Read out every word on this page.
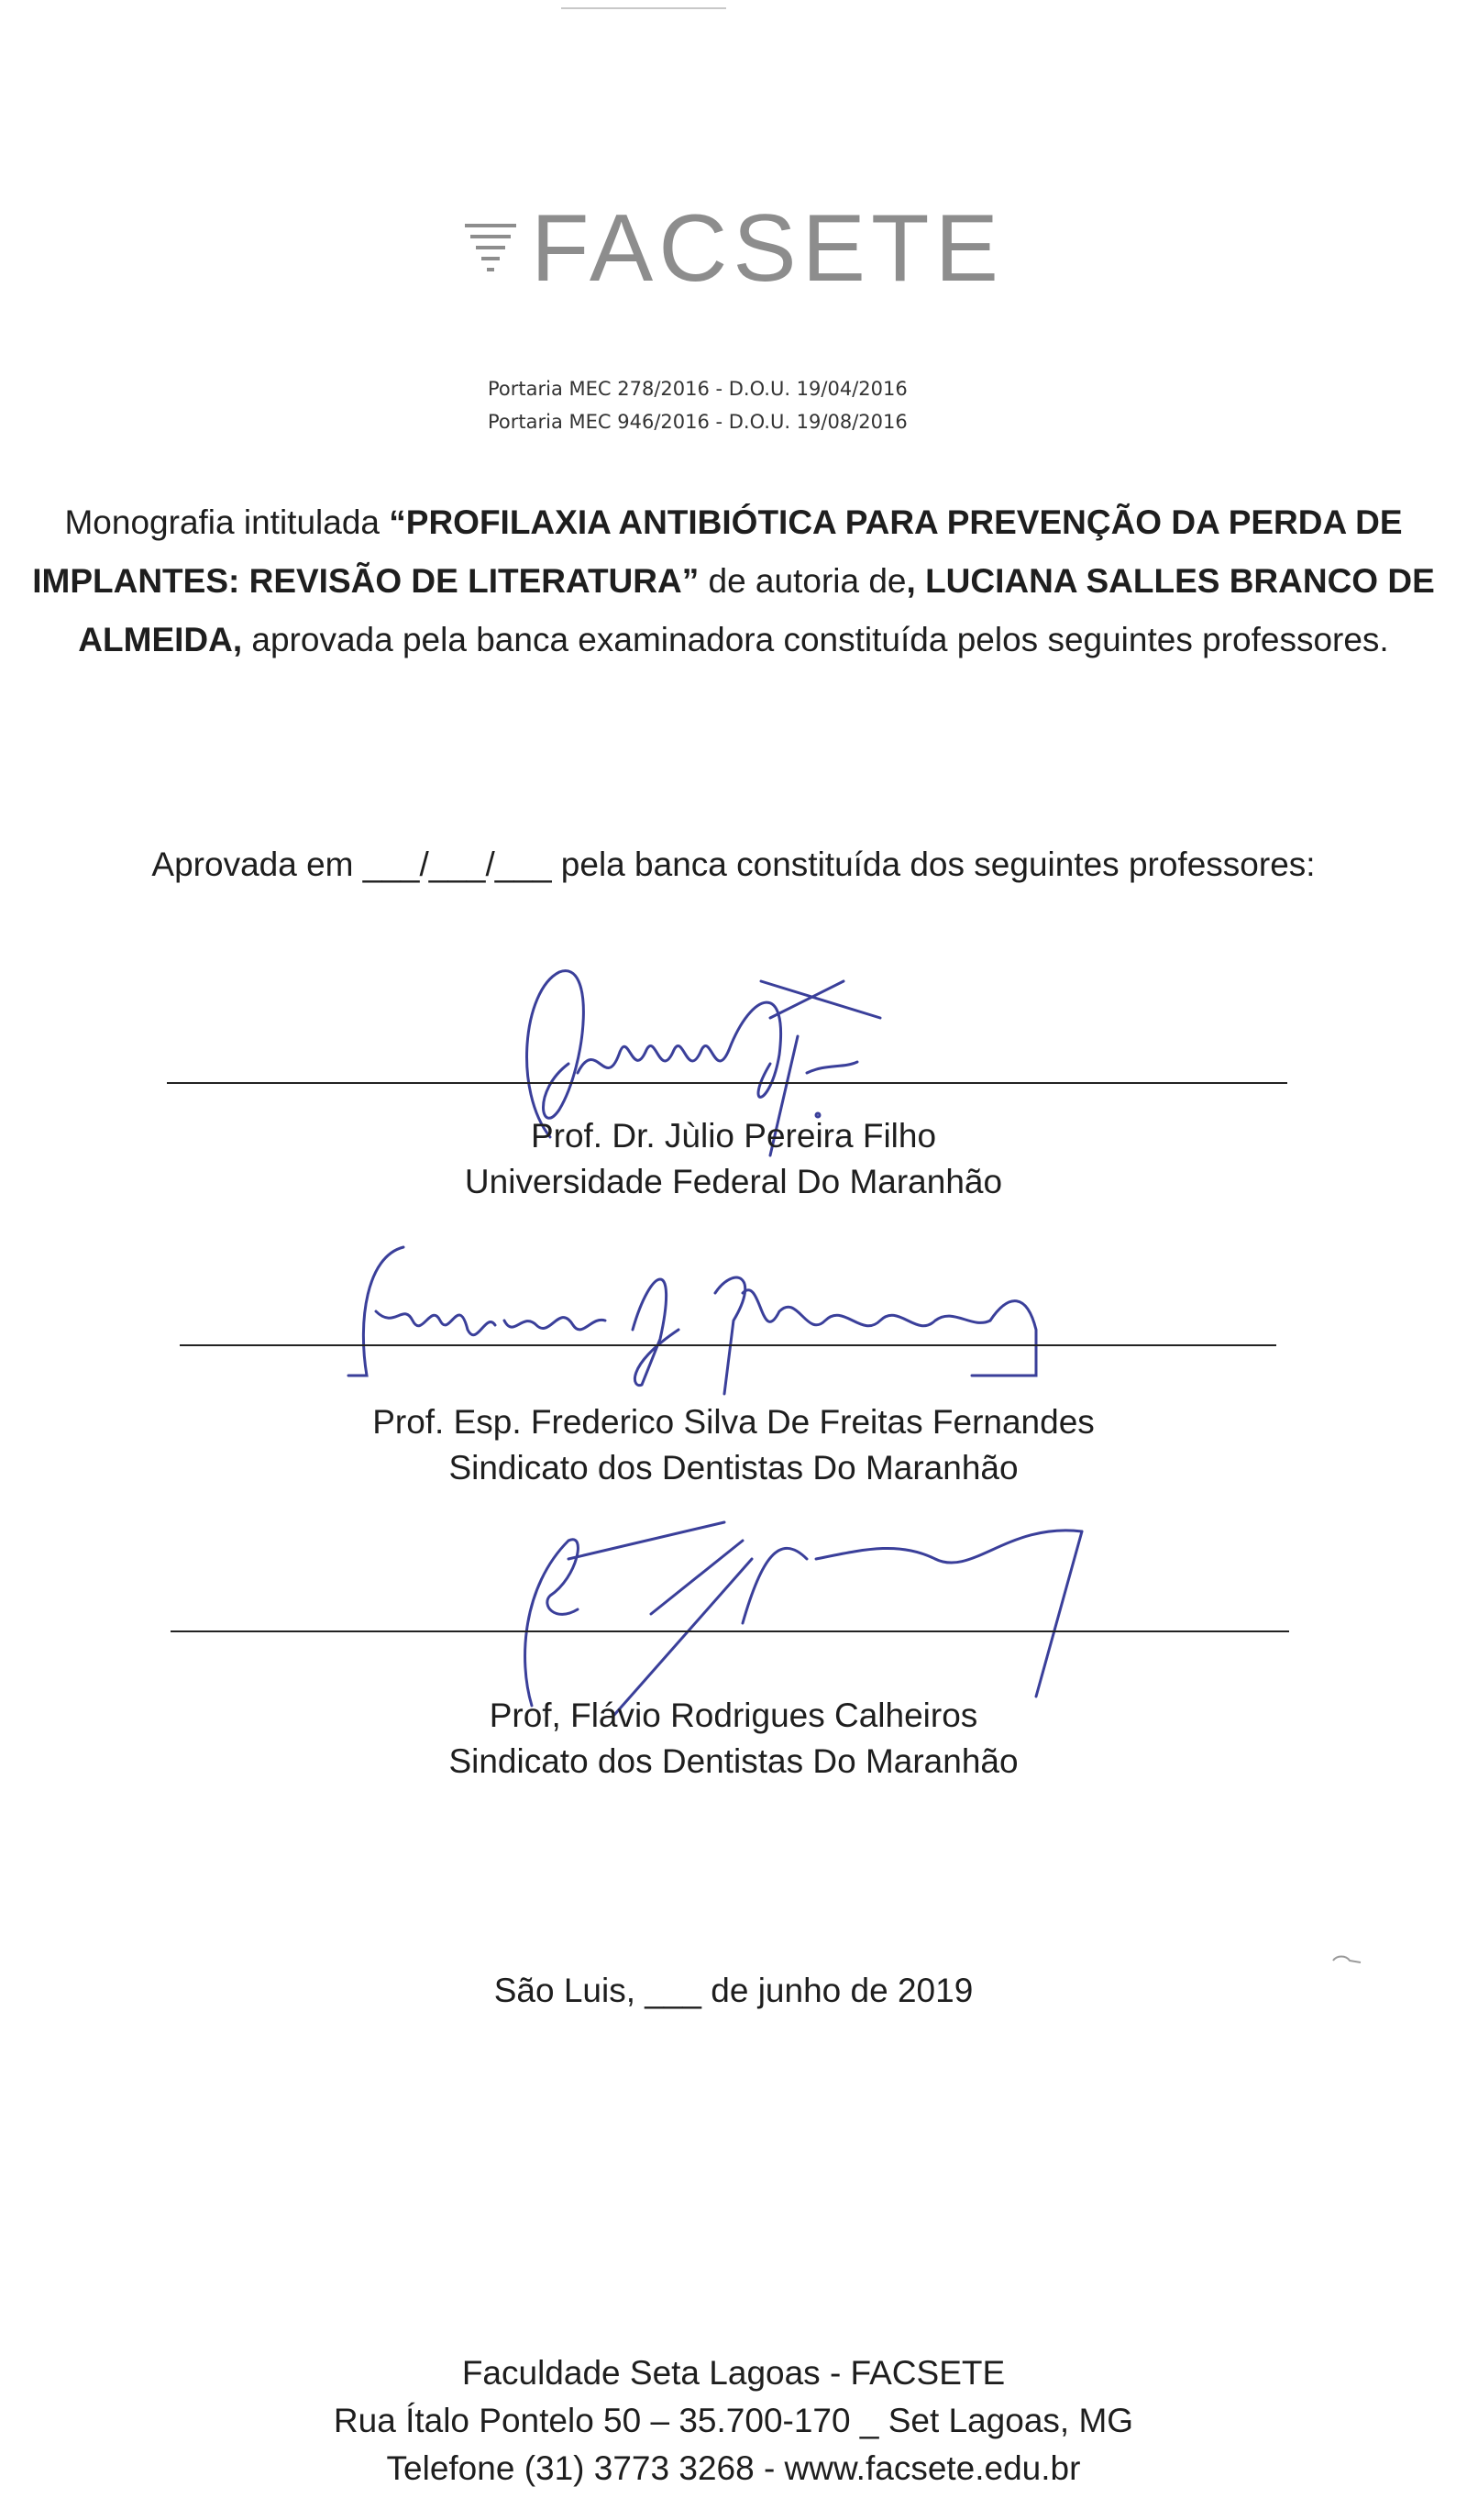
FACSETE
Portaria MEC 278/2016 - D.O.U. 19/04/2016
Portaria MEC 946/2016 - D.O.U. 19/08/2016
Monografia intitulada “PROFILAXIA ANTIBIÓTICA PARA PREVENÇÃO DA PERDA DE IMPLANTES: REVISÃO DE LITERATURA” de autoria de, LUCIANA SALLES BRANCO DE ALMEIDA, aprovada pela banca examinadora constituída pelos seguintes professores.
Aprovada em ___/___/___ pela banca constituída dos seguintes professores:
Prof. Dr. Jùlio Pereira Filho
Universidade Federal Do Maranhão
Prof. Esp. Frederico Silva De Freitas Fernandes
Sindicato dos Dentistas Do Maranhão
Prof, Flávio Rodrigues Calheiros
Sindicato dos Dentistas Do Maranhão
São Luis, ___ de junho de 2019
Faculdade Seta Lagoas - FACSETE
Rua Ítalo Pontelo 50 – 35.700-170 _ Set Lagoas, MG
Telefone (31) 3773 3268 - www.facsete.edu.br
